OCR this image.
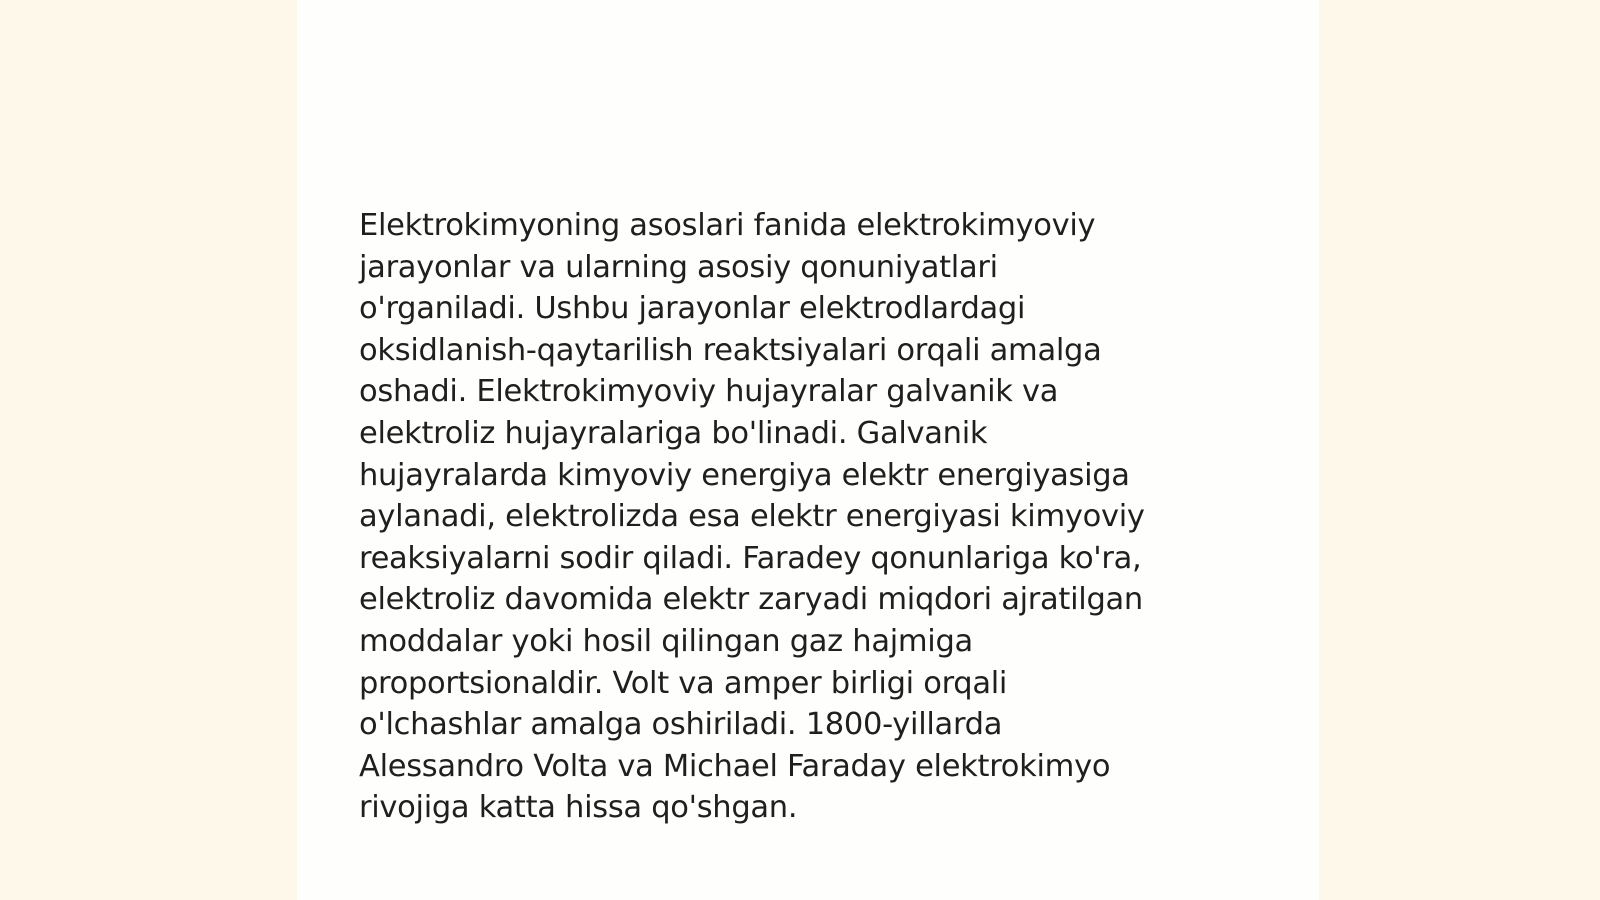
Elektrokimyoning asoslari fanida elektrokimyoviy
jarayonlar va ularning asosiy qonuniyatlari
o'rganiladi. Ushbu jarayonlar elektrodlardagi
oksidlanish-qaytarilish reaktsiyalari orqali amalga
oshadi. Elektrokimyoviy hujayralar galvanik va
elektroliz hujayralariga bo'linadi. Galvanik
hujayralarda kimyoviy energiya elektr energiyasiga
aylanadi, elektrolizda esa elektr energiyasi kimyoviy
reaksiyalarni sodir qiladi. Faradey qonunlariga ko'ra,
elektroliz davomida elektr zaryadi miqdori ajratilgan
moddalar yoki hosil qilingan gaz hajmiga
proportsionaldir. Volt va amper birligi orqali
o'lchashlar amalga oshiriladi. 1800-yillarda
Alessandro Volta va Michael Faraday elektrokimyo
rivojiga katta hissa qo'shgan.
